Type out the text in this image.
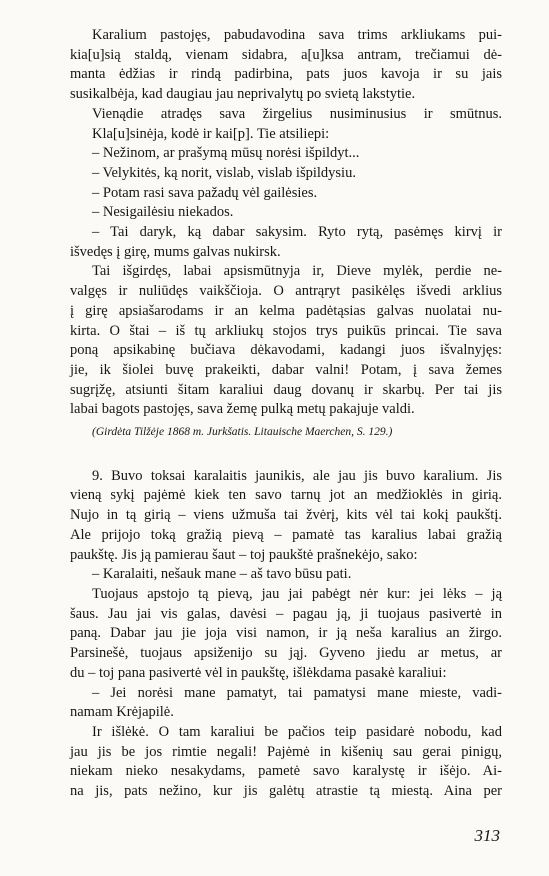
Karalium pastojęs, pabudavodina sava trims arkliukams pui-
kia[u]sią staldą, vienam sidabra, a[u]ksa antram, trečiamui dė-
manta ėdžias ir rindą padirbina, pats juos kavoja ir su jais
susikalbėja, kad daugiau jau neprivalytų po svietą lakstytie.
Vienądie atradęs sava žirgelius nusiminusius ir smūtnus.
Kla[u]sinėja, kodė ir kai[p]. Tie atsiliepi:
– Nežinom, ar prašymą mūsų norėsi išpildyt...
– Velykitės, ką norit, vislab, vislab išpildysiu.
– Potam rasi sava pažadų vėl gailėsies.
– Nesigailėsiu niekados.
– Tai daryk, ką dabar sakysim. Ryto rytą, pasėmęs kirvį ir
išvedęs į girę, mums galvas nukirsk.
Tai išgirdęs, labai apsismūtnyja ir, Dieve mylėk, perdie ne-
valgęs ir nuliūdęs vaikščioja. O antrąryt pasikėlęs išvedi arklius
į girę apsiašarodams ir an kelma padėtąsias galvas nuolatai nu-
kirta. O štai – iš tų arkliukų stojos trys puikūs princai. Tie sava
poną apsikabinę bučiava dėkavodami, kadangi juos išvalnyjęs:
jie, ik šiolei buvę prakeikti, dabar valni! Potam, į sava žemes
sugrįžę, atsiunti šitam karaliui daug dovanų ir skarbų. Per tai jis
labai bagots pastojęs, sava žemę pulką metų pakajuje valdi.
(Girdėta Tilžėje 1868 m. Jurkšatis. Litauische Maerchen, S. 129.)
9. Buvo toksai karalaitis jaunikis, ale jau jis buvo karalium. Jis
vieną sykį pajėmė kiek ten savo tarnų jot an medžioklės in girią.
Nujo in tą girią – viens užmuša tai žvėrį, kits vėl tai kokį paukštį.
Ale prijojo toką gražią pievą – pamatė tas karalius labai gražią
paukštę. Jis ją pamierau šaut – toj paukštė prašnekėjo, sako:
– Karalaiti, nešauk mane – aš tavo būsu pati.
Tuojaus apstojo tą pievą, jau jai pabėgt nėr kur: jei lėks – ją
šaus. Jau jai vis galas, davėsi – pagau ją, ji tuojaus pasivertė in
paną. Dabar jau jie joja visi namon, ir ją neša karalius an žirgo.
Parsinešė, tuojaus apsiženijo su jąj. Gyveno jiedu ar metus, ar
du – toj pana pasivertė vėl in paukštę, išlėkdama pasakė karaliui:
– Jei norėsi mane pamatyt, tai pamatysi mane mieste, vadi-
namam Krėjapilė.
Ir išlėkė. O tam karaliui be pačios teip pasidarė nobodu, kad
jau jis be jos rimtie negali! Pajėmė in kišenių sau gerai pinigų,
niekam nieko nesakydams, pametė savo karalystę ir išėjo. Ai-
na jis, pats nežino, kur jis galėtų atrastie tą miestą. Aina per
313
